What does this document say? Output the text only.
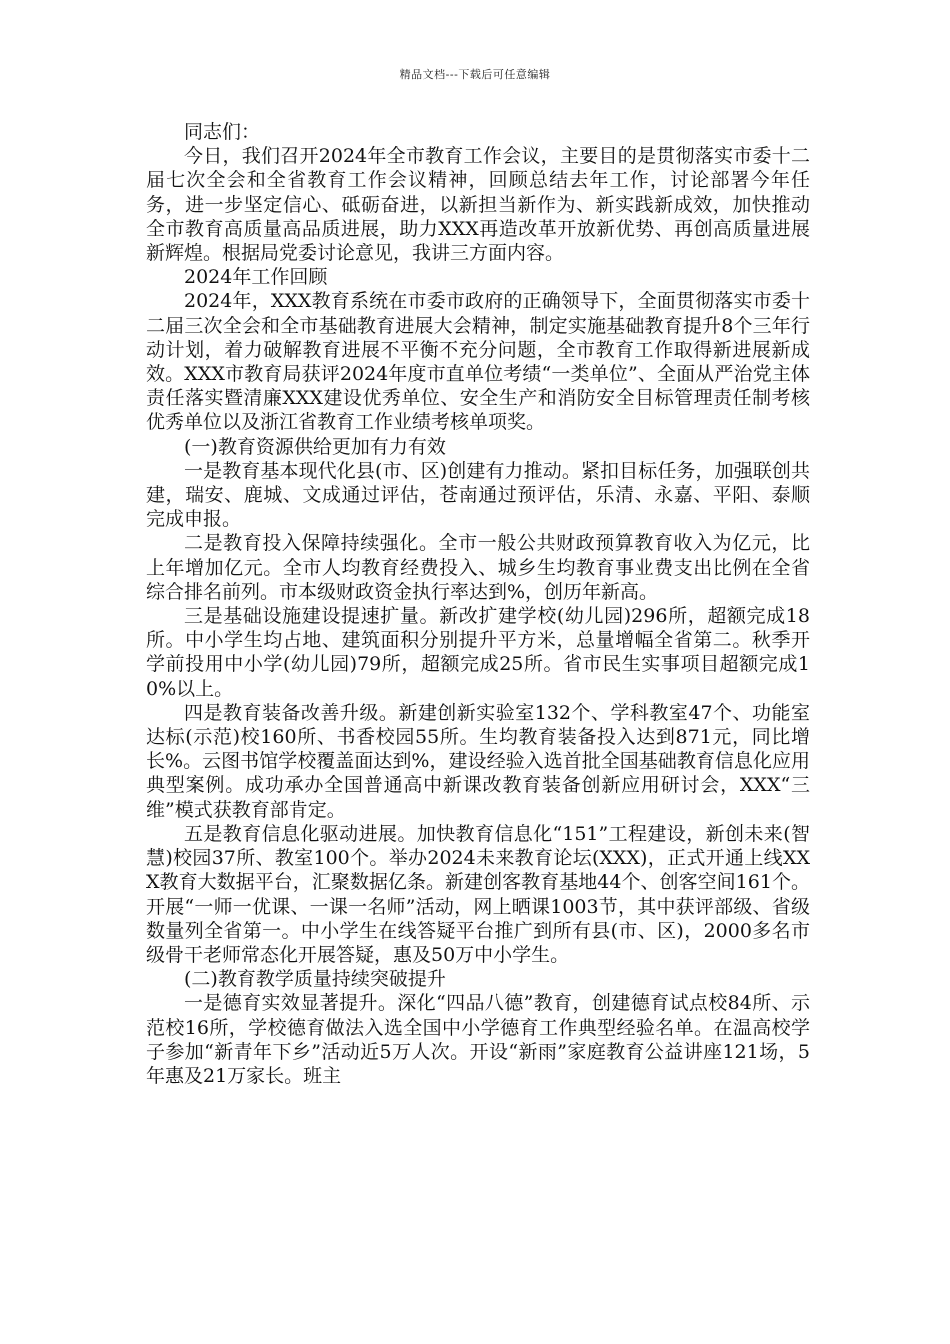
精品文档---下载后可任意编辑

同志们：

今日，我们召开2024年全市教育工作会议，主要目的是贯彻落实市委十二届七次全会和全省教育工作会议精神，回顾总结去年工作，讨论部署今年任务，进一步坚定信心、砥砺奋进，以新担当新作为、新实践新成效，加快推动全市教育高质量高品质进展，助力XXX再造改革开放新优势、再创高质量进展新辉煌。根据局党委讨论意见，我讲三方面内容。

2024年工作回顾

2024年，XXX教育系统在市委市政府的正确领导下，全面贯彻落实市委十二届三次全会和全市基础教育进展大会精神，制定实施基础教育提升8个三年行动计划，着力破解教育进展不平衡不充分问题，全市教育工作取得新进展新成效。XXX市教育局获评2024年度市直单位考绩“一类单位”、全面从严治党主体责任落实暨清廉XXX建设优秀单位、安全生产和消防安全目标管理责任制考核优秀单位以及浙江省教育工作业绩考核单项奖。

(一)教育资源供给更加有力有效

一是教育基本现代化县(市、区)创建有力推动。紧扣目标任务，加强联创共建，瑞安、鹿城、文成通过评估，苍南通过预评估，乐清、永嘉、平阳、泰顺完成申报。

二是教育投入保障持续强化。全市一般公共财政预算教育收入为亿元，比上年增加亿元。全市人均教育经费投入、城乡生均教育事业费支出比例在全省综合排名前列。市本级财政资金执行率达到%，创历年新高。

三是基础设施建设提速扩量。新改扩建学校(幼儿园)296所，超额完成18所。中小学生均占地、建筑面积分别提升平方米，总量增幅全省第二。秋季开学前投用中小学(幼儿园)79所，超额完成25所。省市民生实事项目超额完成10%以上。

四是教育装备改善升级。新建创新实验室132个、学科教室47个、功能室达标(示范)校160所、书香校园55所。生均教育装备投入达到871元，同比增长%。云图书馆学校覆盖面达到%，建设经验入选首批全国基础教育信息化应用典型案例。成功承办全国普通高中新课改教育装备创新应用研讨会，XXX“三维”模式获教育部肯定。

五是教育信息化驱动进展。加快教育信息化“151”工程建设，新创未来(智慧)校园37所、教室100个。举办2024未来教育论坛(XXX)，正式开通上线XXX教育大数据平台，汇聚数据亿条。新建创客教育基地44个、创客空间161个。开展“一师一优课、一课一名师”活动，网上晒课1003节，其中获评部级、省级数量列全省第一。中小学生在线答疑平台推广到所有县(市、区)，2000多名市级骨干老师常态化开展答疑，惠及50万中小学生。

(二)教育教学质量持续突破提升

一是德育实效显著提升。深化“四品八德”教育，创建德育试点校84所、示范校16所，学校德育做法入选全国中小学德育工作典型经验名单。在温高校学子参加“新青年下乡”活动近5万人次。开设“新雨”家庭教育公益讲座121场，5年惠及21万家长。班主
